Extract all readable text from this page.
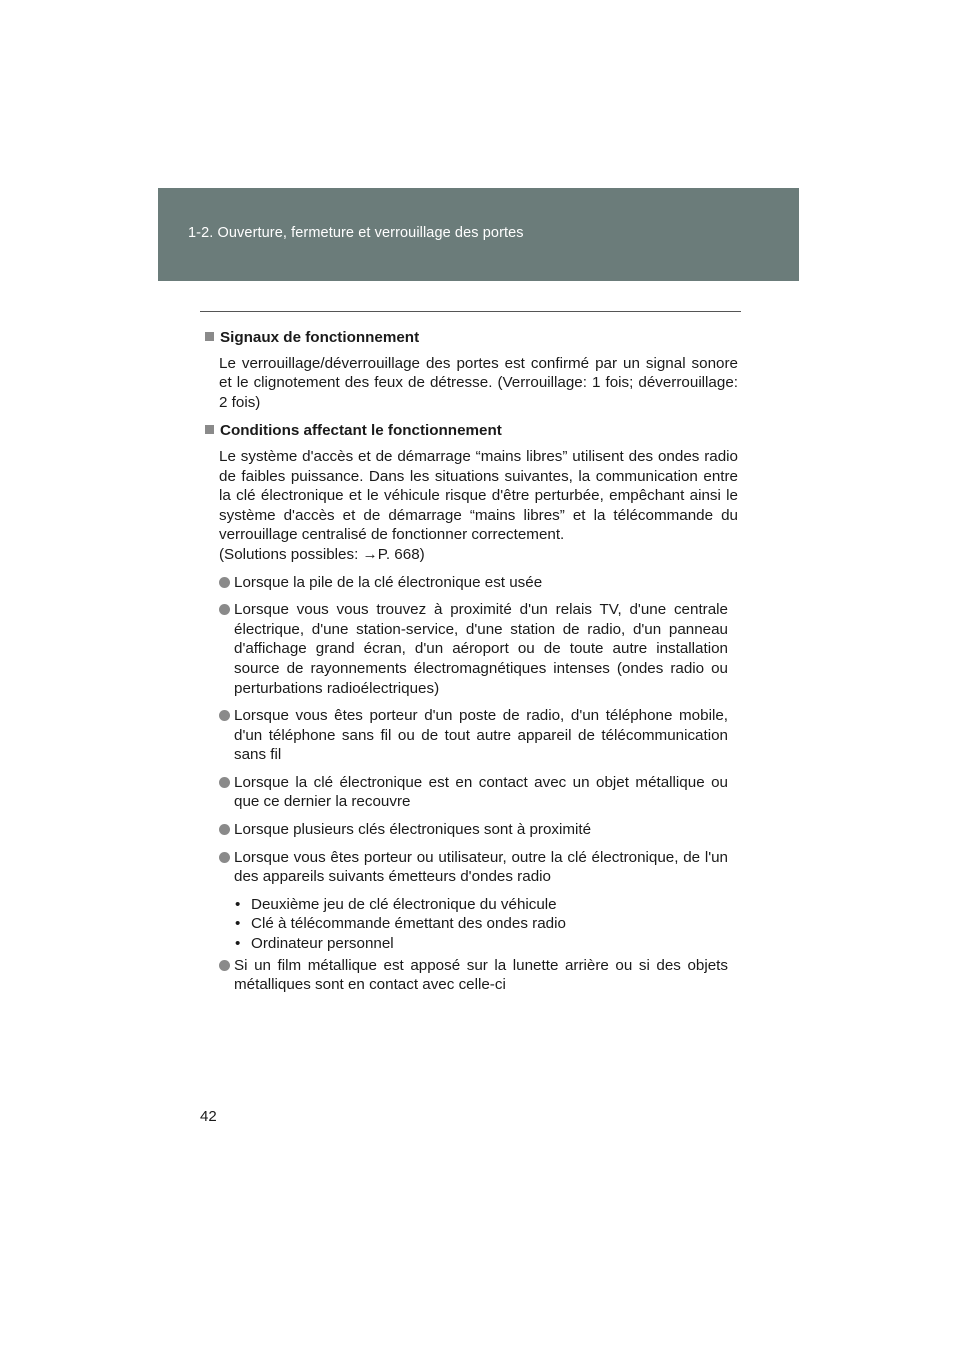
1-2. Ouverture, fermeture et verrouillage des portes
Signaux de fonctionnement
Le verrouillage/déverrouillage des portes est confirmé par un signal sonore et le clignotement des feux de détresse. (Verrouillage: 1 fois; déverrouillage: 2 fois)
Conditions affectant le fonctionnement
Le système d'accès et de démarrage “mains libres” utilisent des ondes radio de faibles puissance. Dans les situations suivantes, la communication entre la clé électronique et le véhicule risque d'être perturbée, empêchant ainsi le système d'accès et de démarrage “mains libres” et la télécommande du verrouillage centralisé de fonctionner correctement.
(Solutions possibles: →P. 668)
Lorsque la pile de la clé électronique est usée
Lorsque vous vous trouvez à proximité d'un relais TV, d'une centrale électrique, d'une station-service, d'une station de radio, d'un panneau d'affichage grand écran, d'un aéroport ou de toute autre installation source de rayonnements électromagnétiques intenses (ondes radio ou perturbations radioélectriques)
Lorsque vous êtes porteur d'un poste de radio, d'un téléphone mobile, d'un téléphone sans fil ou de tout autre appareil de télécommunication sans fil
Lorsque la clé électronique est en contact avec un objet métallique ou que ce dernier la recouvre
Lorsque plusieurs clés électroniques sont à proximité
Lorsque vous êtes porteur ou utilisateur, outre la clé électronique, de l'un des appareils suivants émetteurs d'ondes radio
• Deuxième jeu de clé électronique du véhicule
• Clé à télécommande émettant des ondes radio
• Ordinateur personnel
Si un film métallique est apposé sur la lunette arrière ou si des objets métalliques sont en contact avec celle-ci
42
